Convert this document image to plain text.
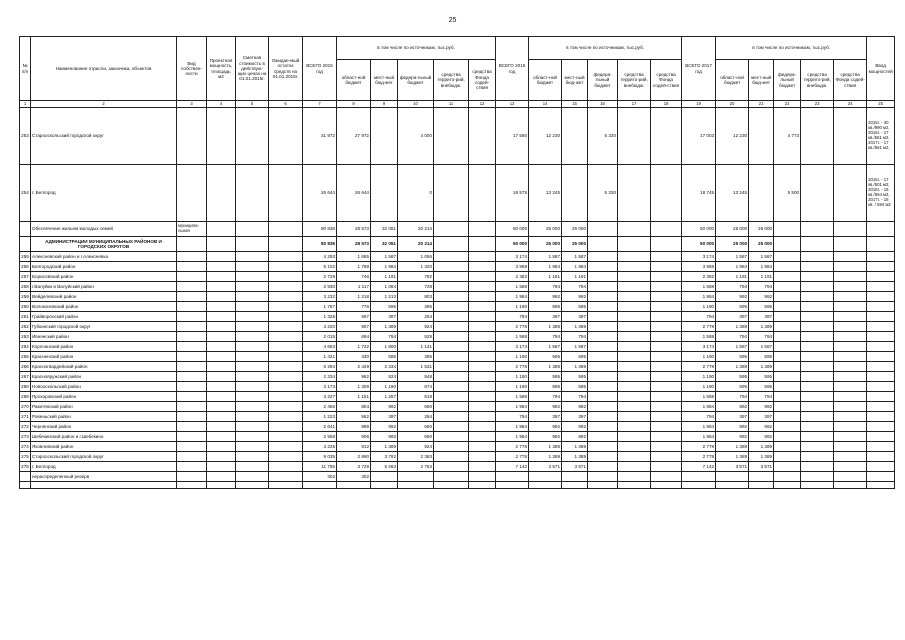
25
№ п/п	Наименование отрасли, заказчика, объектов	Вид собствен-ности	Проектная мощность, площадь м2	Сметная стоимость в действую-щих ценах на 01.01.2015г.	Ожидае-мый остаток средств на 01.01.2015г.	ВСЕГО 2015 год	в том числе по источникам, тыс.руб.					ВСЕГО 2016 год	в том числе по источникам, тыс.руб.					ВСЕГО 2017 год	в том числе по источникам, тыс.руб.					Ввод мощностей
							област-ной бюджет	мест-ный бюд-жет	федера-льный бюджет	средства террито-рий, внебюдж.	средства Фонда содей-ствия		област-ной бюджет	мест-ный бюд-жет	федера-льный бюджет	средства террито-рий, внебюдж.	средства Фонда содей-ствия		област-ной бюджет	мест-ный бюд-жет	федера-льный бюджет	средства террито-рий, внебюдж.	средства Фонда содей-ствия	
1	2	3	4	5	6	7	8	9	10	11	12	13	14	15	16	17	18	19	20	21	22	23	24	25
253	Старооскольский городской округ					31 972	27 972		4 000			17 560	12 230		5 330			17 003	12 230		4 773			2015г. - 30 кв./990 м2, 2016г. - 17 кв./561 м2, 2017г. - 17 кв./561 м2,
254	г. Белгород					26 644	26 644		0			18 575	13 245		5 330			18 745	13 245		5 500			2015г. - 17 кв./501 м2, 2016г. - 18 кв./594 м2, 2017г. - 18 кв. / 594 м2
	Обеспечение жильем молодых семей	муниципа-льная				80 838	28 573	32 051	20 214			50 000	25 000	25 000				50 000	25 000	25 000				
	АДМИНИСТРАЦИИ МУНИЦИПАЛЬНЫХ РАЙОНОВ И ГОРОДСКИХ ОКРУГОВ					80 838	28 573	32 051	20 214			50 000	25 000	25 000				50 000	25 000	25 000				
255	Алексеевский район и г.Алексеевка					4 293	1 655	1 587	1 056			3 174	1 587	1 587				3 174	1 587	1 587				
256	Белгородский район					5 102	1 788	1 984	1 320			3 968	1 984	1 984				3 968	1 984	1 984				
257	Борисовский район					2 729	746	1 191	792			2 382	1 191	1 191				2 382	1 191	1 191				
258	г.Валуйки и Валуйский район					2 930	1 117	1 084	728			1 588	794	794				1 588	794	794				
259	Вейделевский район					3 232	1 218	1 213	803			1 984	992	992				1 984	992	992				
260	Волоконовский район					1 767	776	595	396			1 190	595	595				1 190	595	595				
261	Грайворонский район					1 328	567	397	264			794	397	397				794	397	397				
262	Губкинский городской округ					3 220	907	1 389	924			2 778	1 389	1 389				2 778	1 389	1 389				
263	Ивнянский район					2 015	694	794	528			1 588	794	794				1 588	794	794				
264	Корочанский район					4 663	1 722	1 800	1 141			3 174	1 587	1 587				3 174	1 587	1 587				
265	Красненский район					1 421	430	595	396			1 190	595	595				1 190	595	595				
266	Красногвардейский район					6 294	2 429	2 334	1 531			2 778	1 389	1 389				2 778	1 389	1 389				
267	Краснояружский район					2 334	962	824	548			1 190	595	595				1 190	595	595				
268	Новооскольский район					3 173	1 309	1 190	674			1 190	595	595				1 190	595	595				
269	Прохоровский район					3 227	1 151	1 257	819			1 588	794	794				1 588	794	794				
270	Ракитянский район					2 456	804	992	660			1 984	992	992				1 984	992	992				
271	Ровеньский район					1 223	562	397	264			794	397	397				794	397	397				
272	Чернянский район					2 641	989	992	660			1 984	992	992				1 984	992	992				
273	Шебекинский район и г.Шебекино					2 558	906	992	660			1 984	992	992				1 984	992	992				
274	Яковлевский район					3 225	912	1 389	924			2 778	1 389	1 389				2 778	1 389	1 389				
275	Старооскольский городской округ					9 035	2 890	3 782	2 363			2 778	1 389	1 389				2 778	1 389	1 389				
276	г. Белгород					11 755	3 729	5 263	2 763			7 142	3 571	3 571				7 142	3 571	3 571				
	нераспределенный резерв					302	302																	
